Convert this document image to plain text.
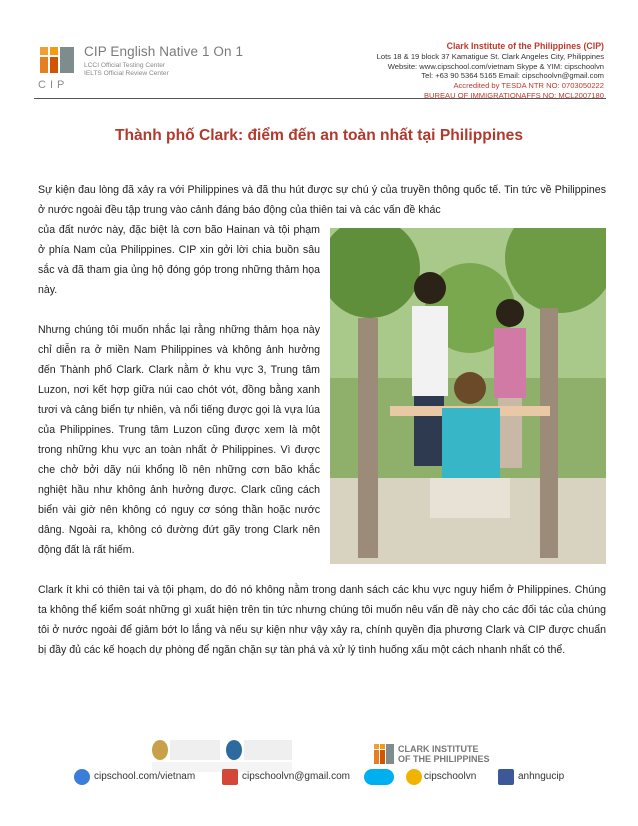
CIP English Native 1 On 1
LCCI Official Testing Center
IELTS Official Review Center
CIP
Clark Institute of the Philippines (CIP)
Lots 18 & 19 block 37 Kamatigue St. Clark Angeles City, Philippines
Website: www.cipschool.com/vietnam Skype & YIM: cipschoolvn
Tel: +63 90 5364 5165 Email: cipschoolvn@gmail.com
Accredited by TESDA NTR NO: 0703050222
BUREAU OF IMMIGRATIONAFFS NO: MCL2007180
Thành phố Clark: điểm đến an toàn nhất tại Philippines
Sự kiện đau lòng đã xảy ra với Philippines và đã thu hút được sự chú ý của truyền thông quốc tế. Tin tức về Philippines ở nước ngoài đều tập trung vào cảnh đáng báo động của thiên tai và các vấn đề khác
của đất nước này, đặc biệt là cơn bão Hainan và tội phạm ở phía Nam của Philippines. CIP xin gởi lời chia buồn sâu sắc và đã tham gia ủng hộ đóng góp trong những thảm họa này.
Nhưng chúng tôi muốn nhắc lại rằng những thảm họa này chỉ diễn ra ở miền Nam Philippines và không ảnh hưởng đến Thành phố Clark. Clark nằm ở khu vực 3, Trung tâm Luzon, nơi kết hợp giữa núi cao chót vót, đồng bằng xanh tươi và cảng biển tự nhiên, và nổi tiếng được gọi là vựa lúa của Philippines. Trung tâm Luzon cũng được xem là một trong những khu vực an toàn nhất ở Philippines. Vì được che chở bởi dãy núi khổng lồ nên những cơn bão khắc nghiệt hầu như không ảnh hưởng được. Clark cũng cách biển vài giờ nên không có nguy cơ sóng thần hoặc nước dâng. Ngoài ra, không có đường đứt gãy trong Clark nên động đất là rất hiếm.
Clark ít khi có thiên tai và tội phạm, do đó nó không nằm trong danh sách các khu vực nguy hiểm ở Philippines. Chúng ta không thể kiểm soát những gì xuất hiện trên tin tức nhưng chúng tôi muốn nêu vấn đề này cho các đối tác của chúng tôi ở nước ngoài để giảm bớt lo lắng và nếu sự kiện như vậy xảy ra, chính quyền địa phương Clark và CIP được chuẩn bị đầy đủ các kế hoạch dự phòng để ngăn chặn sự tàn phá và xử lý tình huống xấu một cách nhanh nhất có thể.
CLARK INSTITUTE
OF THE PHILIPPINES
cipschool.com/vietnam	cipschoolvn@gmail.com	cipschoolvn	anhngucip
